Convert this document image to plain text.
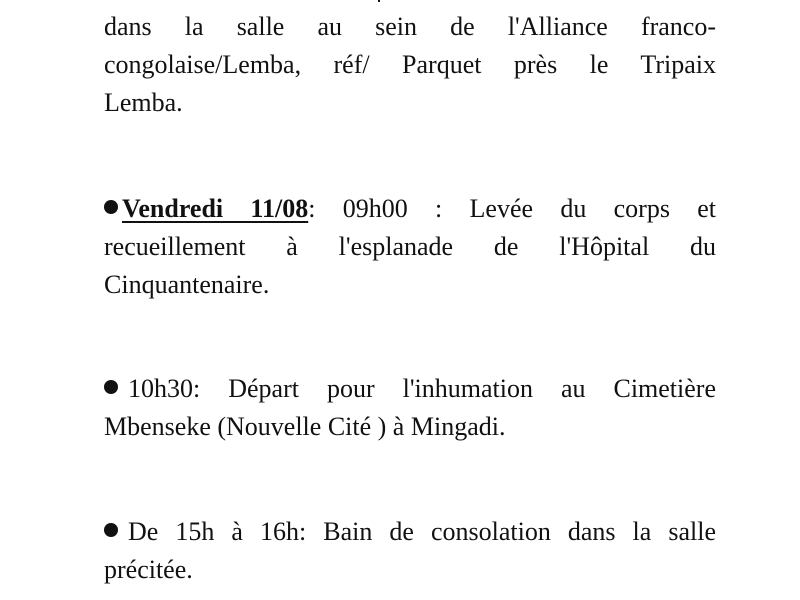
dans la salle au sein de l'Alliance franco-
congolaise/Lemba, réf/ Parquet près le Tripaix
Lemba.

Vendredi 11/08: 09h00 : Levée du corps et
recueillement à l'esplanade de l'Hôpital du
Cinquantenaire.

10h30: Départ pour l'inhumation au Cimetière
Mbenseke (Nouvelle Cité ) à Mingadi.

De 15h à 16h: Bain de consolation dans la salle
précitée.
